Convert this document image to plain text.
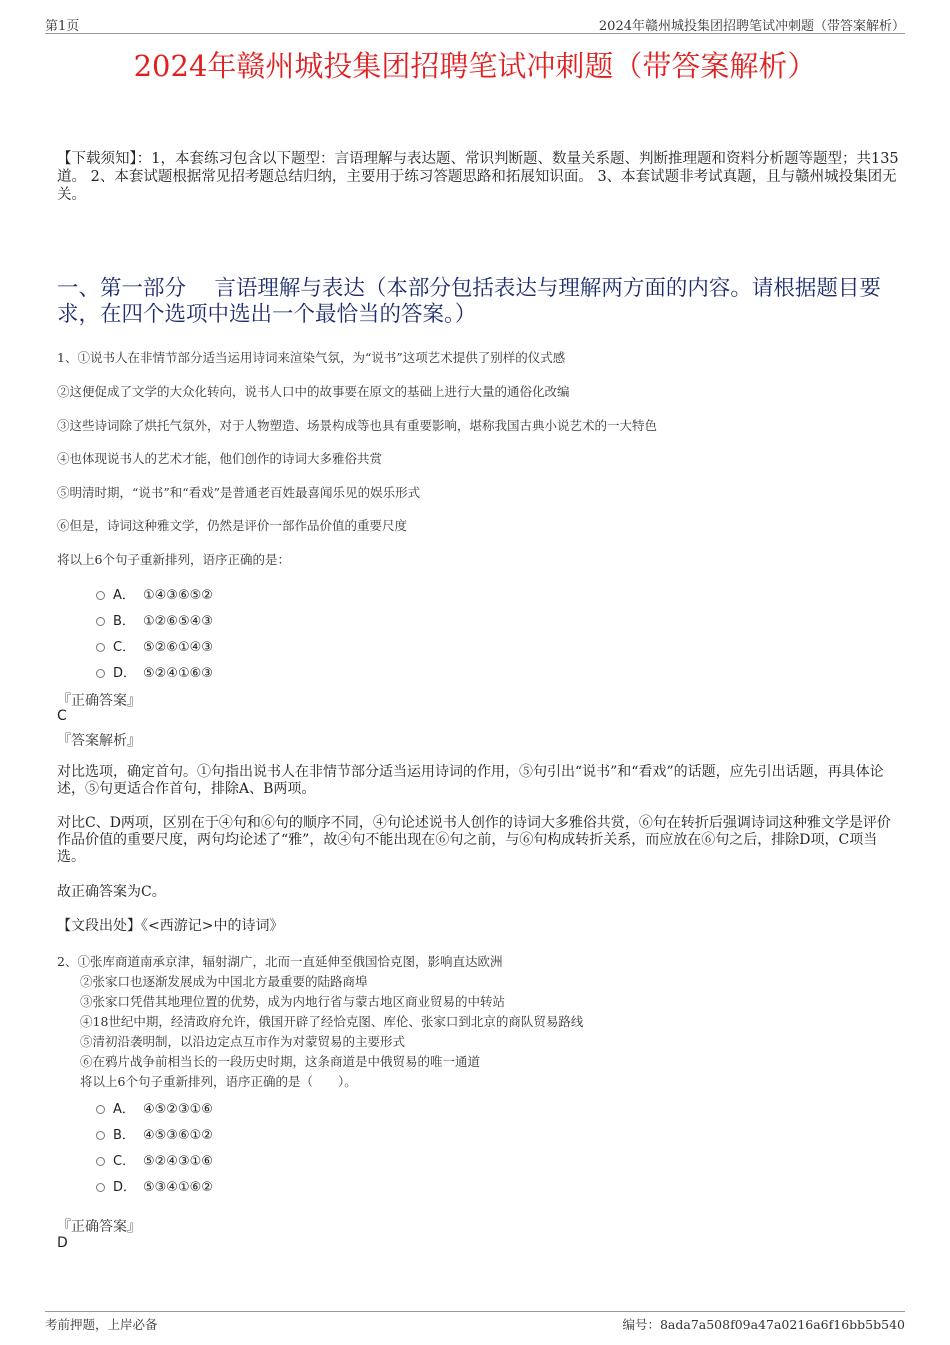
第1页	2024年赣州城投集团招聘笔试冲刺题（带答案解析）
2024年赣州城投集团招聘笔试冲刺题（带答案解析）
【下载须知】：1，本套练习包含以下题型：言语理解与表达题、常识判断题、数量关系题、判断推理题和资料分析题等题型；共135道。 2、本套试题根据常见招考题总结归纳，主要用于练习答题思路和拓展知识面。 3、本套试题非考试真题，且与赣州城投集团无关。
一、第一部分　 言语理解与表达（本部分包括表达与理解两方面的内容。请根据题目要求，在四个选项中选出一个最恰当的答案。）
1、①说书人在非情节部分适当运用诗词来渲染气氛，为“说书”这项艺术提供了别样的仪式感
②这便促成了文学的大众化转向，说书人口中的故事要在原文的基础上进行大量的通俗化改编
③这些诗词除了烘托气氛外，对于人物塑造、场景构成等也具有重要影响，堪称我国古典小说艺术的一大特色
④也体现说书人的艺术才能，他们创作的诗词大多雅俗共赏
⑤明清时期，“说书”和“看戏”是普通老百姓最喜闻乐见的娱乐形式
⑥但是，诗词这种雅文学，仍然是评价一部作品价值的重要尺度
将以上6个句子重新排列，语序正确的是：
A． ①④③⑥⑤②
B． ①②⑥⑤④③
C． ⑤②⑥①④③
D． ⑤②④①⑥③
『正确答案』
C
『答案解析』
对比选项，确定首句。①句指出说书人在非情节部分适当运用诗词的作用，⑤句引出“说书”和“看戏”的话题，应先引出话题，再具体论述，⑤句更适合作首句，排除A、B两项。
对比C、D两项，区别在于④句和⑥句的顺序不同，④句论述说书人创作的诗词大多雅俗共赏，⑥句在转折后强调诗词这种雅文学是评价作品价值的重要尺度，两句均论述了“雅”，故④句不能出现在⑥句之前，与⑥句构成转折关系，而应放在⑥句之后，排除D项，C项当选。
故正确答案为C。
【文段出处】《<西游记>中的诗词》
2、①张库商道南承京津，辐射湖广，北而一直延伸至俄国恰克图，影响直达欧洲
②张家口也逐渐发展成为中国北方最重要的陆路商埠
③张家口凭借其地理位置的优势，成为内地行省与蒙古地区商业贸易的中转站
④18世纪中期，经清政府允许，俄国开辟了经恰克图、库伦、张家口到北京的商队贸易路线
⑤清初沿袭明制，以沿边定点互市作为对蒙贸易的主要形式
⑥在鸦片战争前相当长的一段历史时期，这条商道是中俄贸易的唯一通道
将以上6个句子重新排列，语序正确的是（　　）。
A． ④⑤②③①⑥
B． ④⑤③⑥①②
C． ⑤②④③①⑥
D． ⑤③④①⑥②
『正确答案』
D
考前押题，上岸必备	编号：8ada7a508f09a47a0216a6f16bb5b540
